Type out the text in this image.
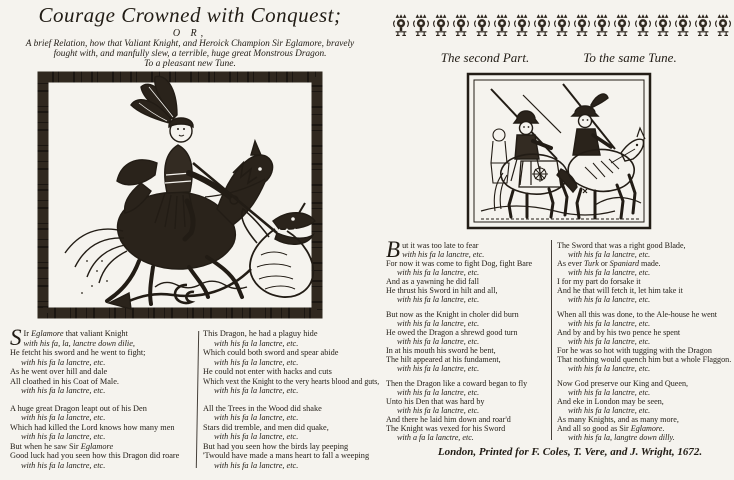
Courage Crowned with Conquest;
O R,
A brief Relation, how that Valiant Knight, and Heroick Champion Sir Eglamore, bravely
fought with, and manfully slew, a terrible, huge great Monstrous Dragon.
To a pleasant new Tune.
S Ir Eglamore that valiant Knight
with his fa, la, lanctre down dilie,
He fetcht his sword and he went to fight;
with his fa la lanctre, etc.
As he went over hill and dale
All cloathed in his Coat of Male.
with his fa la lanctre, etc.
A huge great Dragon leapt out of his Den
with his fa la lanctre, etc.
Which had killed the Lord knows how many men
with his fa la lanctre, etc.
But when he saw Sir Eglamore
Good luck had you seen how this Dragon did roare
with his fa la lanctre, etc.
This Dragon, he had a plaguy hide
with his fa la lanctre, etc.
Which could both sword and spear abide
with his fa la lanctre, etc.
He could not enter with hacks and cuts
Which vext the Knight to the very hearts blood and guts,
with his fa la lanctre, etc.
All the Trees in the Wood did shake
with his fa la lanctre, etc.
Stars did tremble, and men did quake,
with his fa la lanctre, etc.
But had you seen how the birds lay peeping
'Twould have made a mans heart to fall a weeping
with his fa la lanctre, etc.
The second Part.	To the same Tune.
B ut it was too late to fear
with his fa la lanctre, etc.
For now it was come to fight Dog, fight Bare
with his fa la lanctre, etc.
And as a yawning he did fall
He thrust his Sword in hilt and all,
with his fa la lanctre, etc.
But now as the Knight in choler did burn
with his fa la lanctre, etc.
He owed the Dragon a shrewd good turn
with his fa la lanctre, etc.
In at his mouth his sword he bent,
The hilt appeared at his fundament,
with his fa la lanctre, etc.
Then the Dragon like a coward began to fly
with his fa la lanctre, etc.
Unto his Den that was hard by
with his fa la lanctre, etc.
And there he laid him down and roar'd
The Knight was vexed for his Sword
with a fa la lanctre, etc.
The Sword that was a right good Blade,
with his fa la lanctre, etc.
As ever Turk or Spaniard made.
with his fa la lanctre, etc.
I for my part do forsake it
And he that will fetch it, let him take it
with his fa la lanctre, etc.
When all this was done, to the Ale-house he went
with his fa la lanctre, etc.
And by and by his two pence he spent
with his fa la lanctre, etc.
For he was so hot with tugging with the Dragon
That nothing would quench him but a whole Flaggon.
with his fa la lanctre, etc.
Now God preserve our King and Queen,
with his fa la lanctre, etc.
And eke in London may be seen,
with his fa la lanctre, etc.
As many Knights, and as many more,
And all so good as Sir Eglamore.
with his fa la, langtre down dilly.
London, Printed for F. Coles, T. Vere, and J. Wright, 1672.
